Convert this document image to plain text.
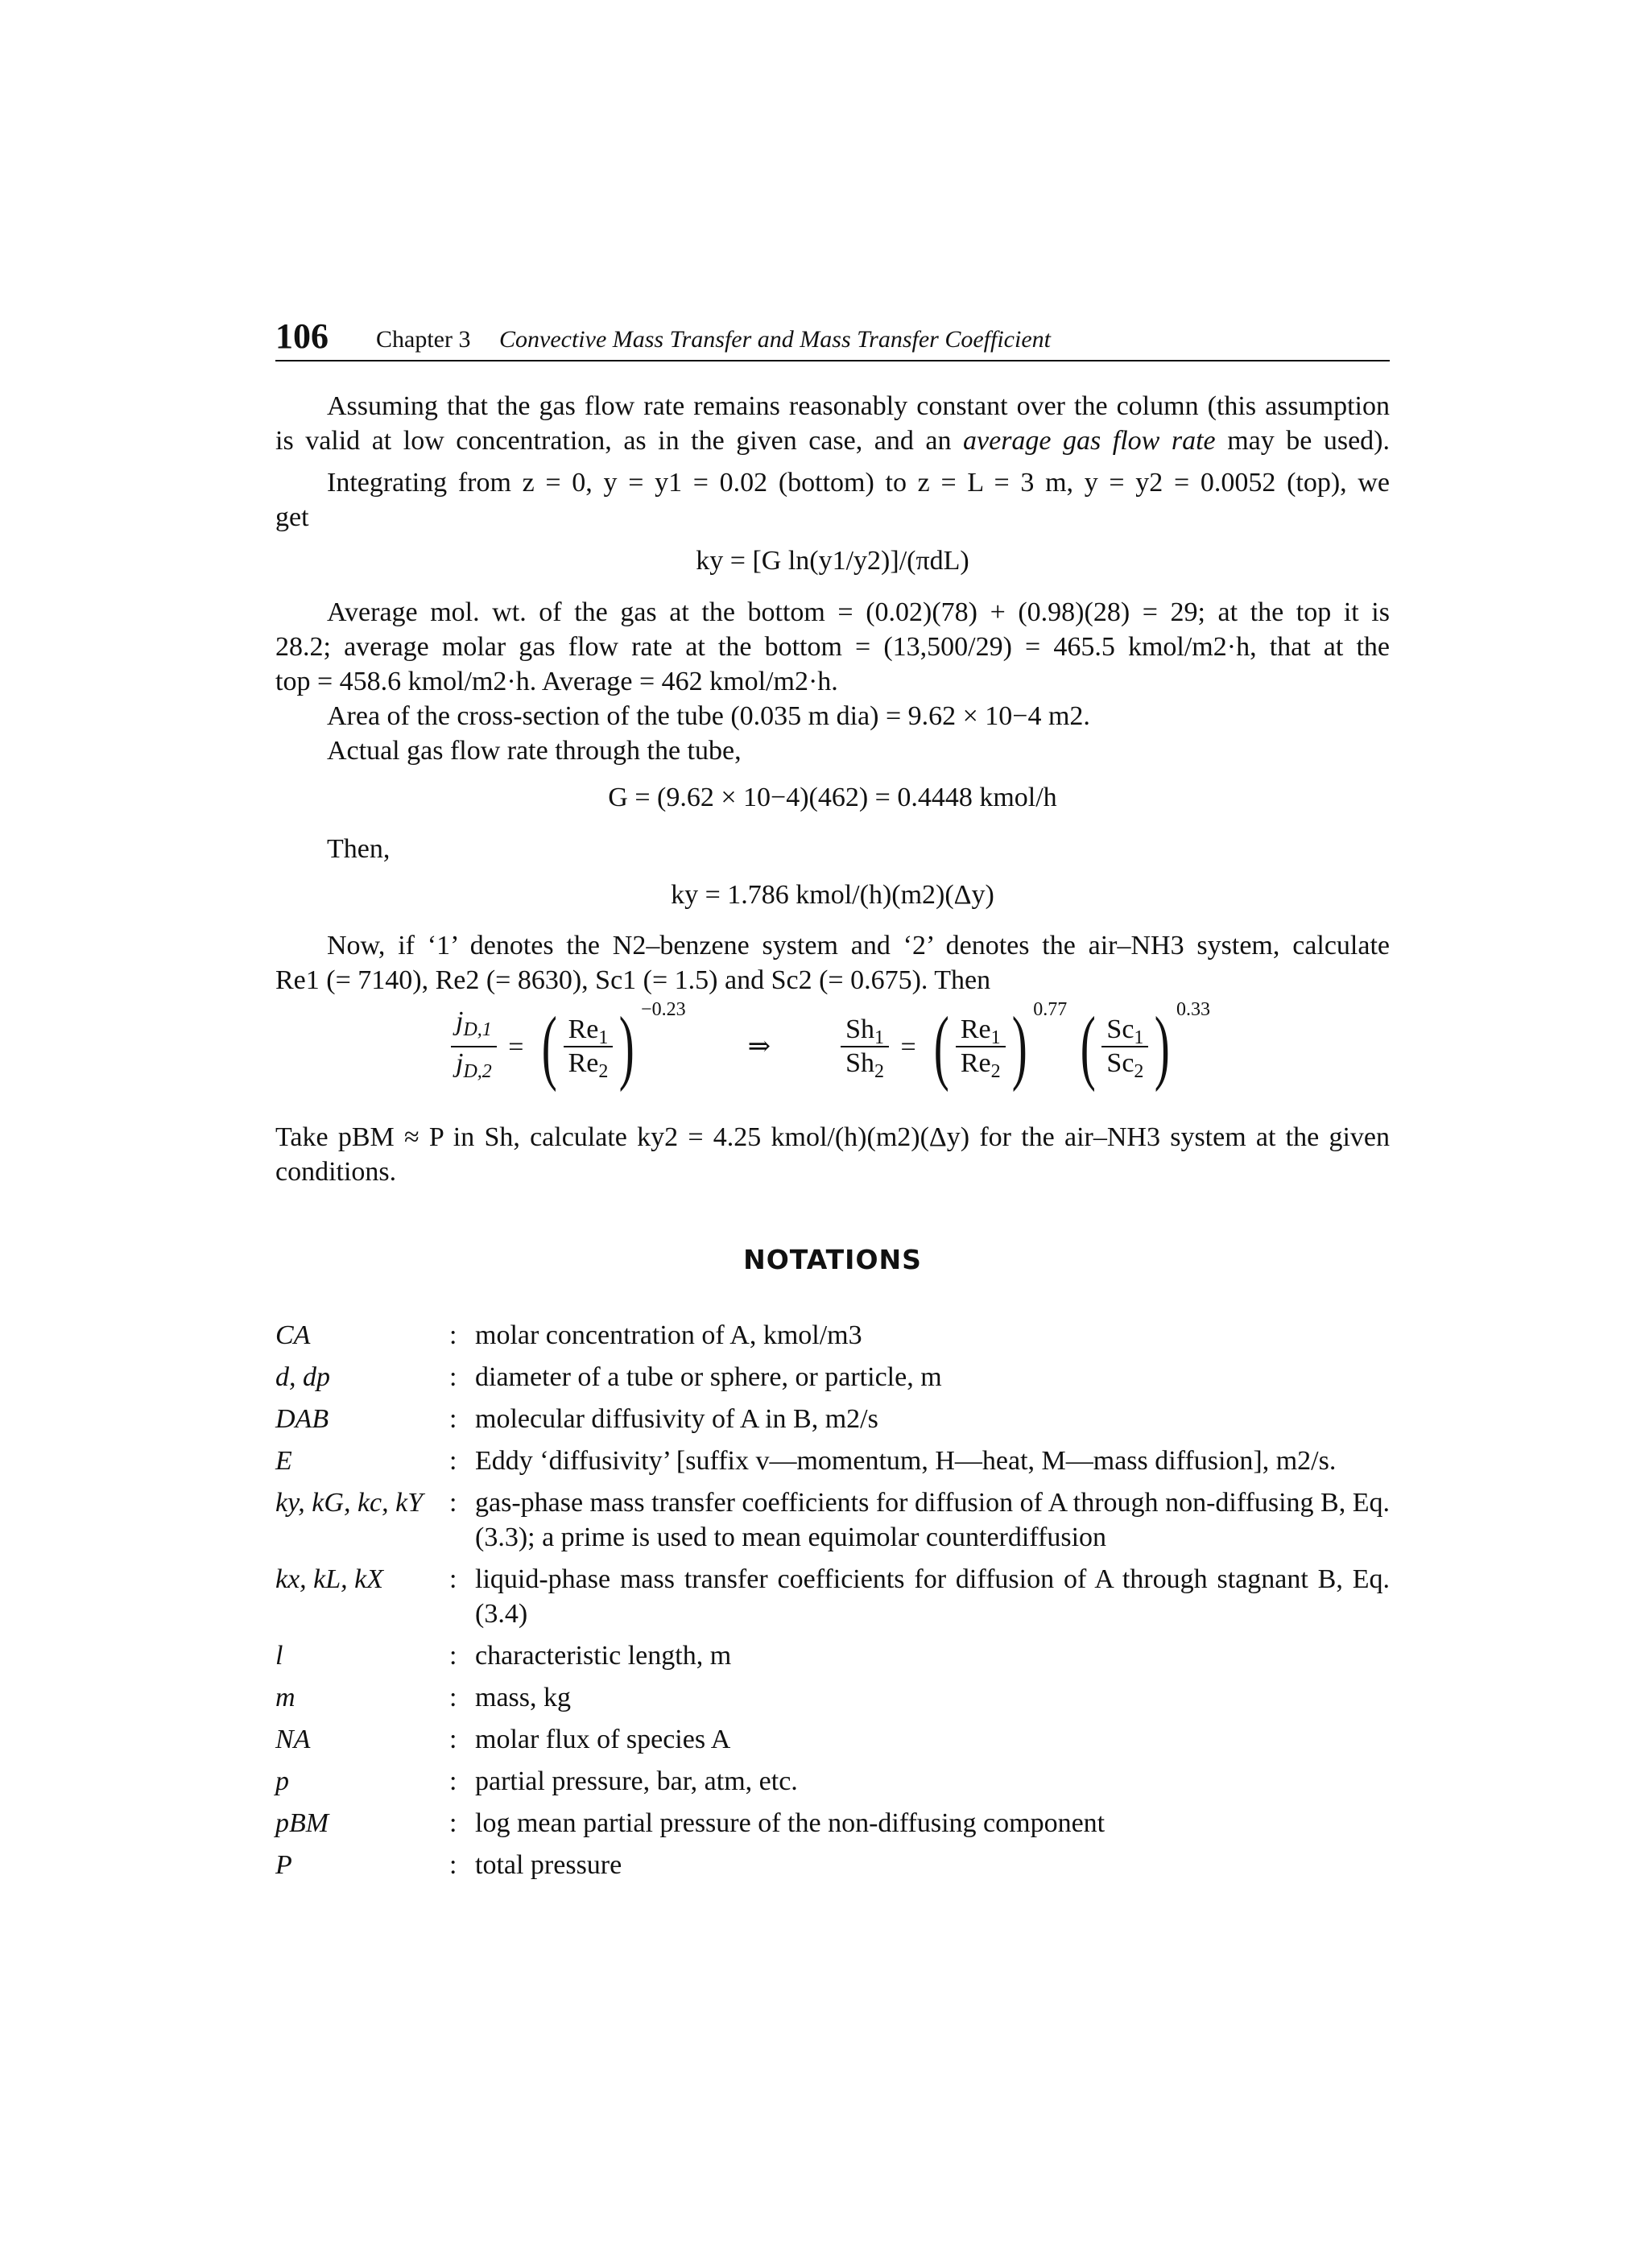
106 Chapter 3 Convective Mass Transfer and Mass Transfer Coefficient
Assuming that the gas flow rate remains reasonably constant over the column (this assumption
is valid at low concentration, as in the given case, and an average gas flow rate may be used).
Integrating from z = 0, y = y1 = 0.02 (bottom) to z = L = 3 m, y = y2 = 0.0052 (top), we
get
ky = [G ln(y1/y2)]/(πdL)
Average mol. wt. of the gas at the bottom = (0.02)(78) + (0.98)(28) = 29; at the top it is
28.2; average molar gas flow rate at the bottom = (13,500/29) = 465.5 kmol/m2·h, that at the
top = 458.6 kmol/m2·h. Average = 462 kmol/m2·h.
Area of the cross-section of the tube (0.035 m dia) = 9.62 × 10−4 m2.
Actual gas flow rate through the tube,
G = (9.62 × 10−4)(462) = 0.4448 kmol/h
Then,
ky = 1.786 kmol/(h)(m2)(Δy)
Now, if ‘1’ denotes the N2–benzene system and ‘2’ denotes the air–NH3 system, calculate
Re1 (= 7140), Re2 (= 8630), Sc1 (= 1.5) and Sc2 (= 0.675). Then
$\frac{j_{D,1}}{j_{D,2}}$ = ( $\frac{Re_1}{Re_2}$ ) −0.23  ⇒	$\frac{Sh_1}{Sh_2}$ = ( $\frac{Re_1}{Re_2}$ ) 0.77 ( $\frac{Sc_1}{Sc_2}$ ) 0.33
Take pBM ≈ P in Sh, calculate ky2 = 4.25 kmol/(h)(m2)(Δy) for the air–NH3 system at the given
conditions.
NOTATIONS
CA	: molar concentration of A, kmol/m3
d, dp	: diameter of a tube or sphere, or particle, m
DAB	: molecular diffusivity of A in B, m2/s
E	: Eddy ‘diffusivity’ [suffix v—momentum, H—heat, M—mass diffusion], m2/s.
ky, kG, kc, kY : gas-phase mass transfer coefficients for diffusion of A through non-diffusing B, Eq. (3.3); a prime is used to mean equimolar counterdiffusion
kx, kL, kX : liquid-phase mass transfer coefficients for diffusion of A through stagnant B, Eq. (3.4)
l	: characteristic length, m
m	: mass, kg
NA	: molar flux of species A
p	: partial pressure, bar, atm, etc.
pBM	: log mean partial pressure of the non-diffusing component
P	: total pressure
